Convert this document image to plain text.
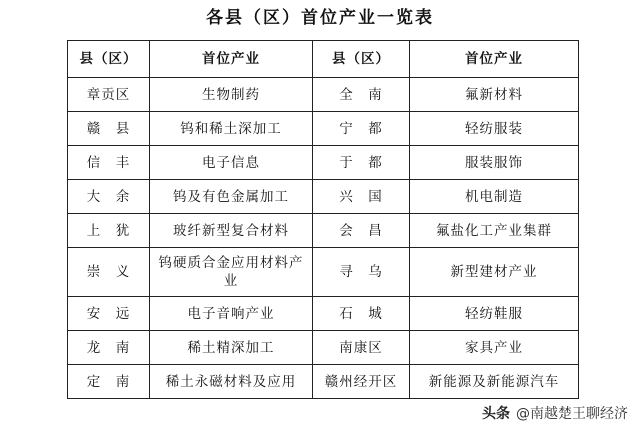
各县（区）首位产业一览表
县（区）	首位产业	县（区）	首位产业
章贡区	生物制药	全　南	氟新材料
赣　县	钨和稀土深加工	宁　都	轻纺服装
信　丰	电子信息	于　都	服装服饰
大　余	钨及有色金属加工	兴　国	机电制造
上　犹	玻纤新型复合材料	会　昌	氟盐化工产业集群
崇　义	钨硬质合金应用材料产业	寻　乌	新型建材产业
安　远	电子音响产业	石　城	轻纺鞋服
龙　南	稀土精深加工	南康区	家具产业
定　南	稀土永磁材料及应用	赣州经开区	新能源及新能源汽车
头条 @南越楚王聊经济
